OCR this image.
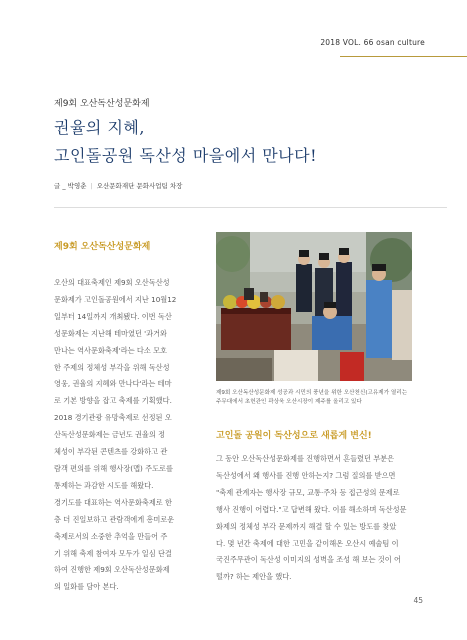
2018 VOL. 66 osan culture
제9회 오산독산성문화제
권율의 지혜,
고인돌공원 독산성 마을에서 만나다!
글 _ 박영춘 | 오산문화재단 문화사업팀 차장
제9회 오산독산성문화제
오산의 대표축제인 제9회 오산독산성
문화제가 고인돌공원에서 지난 10월12
일부터 14일까지 개최됐다. 이번 독산
성문화제는 지난해 테마였던 '과거와
만나는 역사문화축제'라는 다소 모호
한 주제의 정체성 부각을 위해 독산성
영웅, 권율의 지혜와 만나다'라는 테마
로 기본 방향을 잡고 축제를 기획했다.
2018 경기관광 유망축제로 선정된 오
산독산성문화제는 금년도 권율의 정
체성이 부각된 콘텐츠를 강화하고 관
람객 편의를 위해 행사장(맵) 주도로를
통제하는 과감한 시도를 해왔다.
경기도를 대표하는 역사문화축제로 한
층 더 진일보하고 관람객에게 흥미로운
축제로서의 소중한 추억을 만들어 주
기 위해 축제 참여자 모두가 일심 단결
하여 진행한 제9회 오산독산성문화제
의 일화를 담아 본다.
제9회 오산독산성문화제 성공과 시민의 풍년을 위한 오산천신(고유제가 열리는 주무대에서 초헌관인 곽상욱 오산시장이 제주를 올리고 있다
고인돌 공원이 독산성으로 새롭게 변신!
그 동안 오산독산성문화제를 진행하면서 흔들렸던 부분은
독산성에서 왜 행사를 진행 안하는지? 그럼 질의를 받으면
"축제 관계자는 행사장 규모, 교통·주차 등 접근성의 문제로
행사 진행이 어렵다."고 답변해 왔다. 이를 해소하며 독산성문
화제의 정체성 부각 문제까지 해결 할 수 있는 방도를 찾았
다. 몇 년간 축제에 대한 고민을 같이해온 오산시 예술팀 이
국진주무관이 독산성 이미지의 성벽을 조성 해 보는 것이 어
떨까? 하는 제안을 했다.
45
